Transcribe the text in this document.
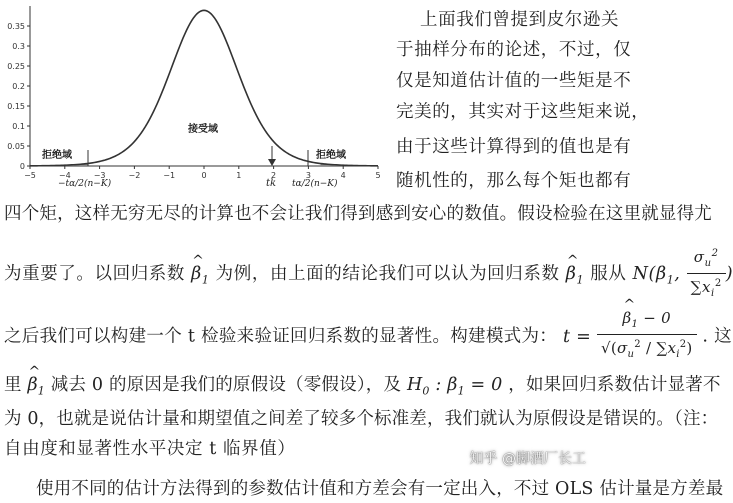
0.35
0.3
0.25
0.2
0.15
0.1
0.05
0
−5	−4	−3	−2	−1	0	1	2	3	4	5
接受域
拒绝域	拒绝域
tk
−tα/2(n−K)	tα/2(n−K)
上面我们曾提到皮尔逊关
于抽样分布的论述，不过，仅
仅是知道估计值的一些矩是不
完美的，其实对于这些矩来说，
由于这些计算得到的值也是有
随机性的，那么每个矩也都有
四个矩，这样无穷无尽的计算也不会让我们得到感到安心的数值。假设检验在这里就显得尤
为重要了。以回归系数 ^ $\beta_1$ 为例，由上面的结论我们可以认为回归系数 ^ $\beta_1$ 服从 $N(\beta_1$, $\frac{\sigma_u^2}{\sum x_i^2}$ )
之后我们可以构建一个 t 检验来验证回归系数的显著性。构建模式为： t = ^ $\frac{\beta_1 - 0}{√(\sigma_u^2 / \sum x_i^2)}$ . 这
里 ^ $\beta_1$ 减去 0 的原因是我们的原假设（零假设），及 $H_0$ : $\beta_1 = 0$ ，如果回归系数估计显著不
为 0，也就是说估计量和期望值之间差了较多个标准差，我们就认为原假设是错误的。（注：
自由度和显著性水平决定 t 临界值）
使用不同的估计方法得到的参数估计值和方差会有一定出入，不过 OLS 估计量是方差最
知乎 @脚酒厂长工
